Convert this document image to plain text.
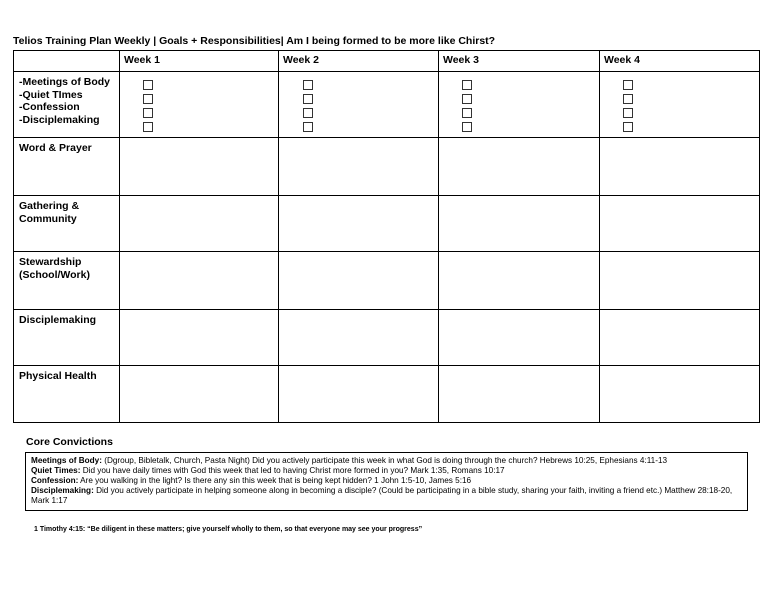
Telios Training Plan Weekly | Goals + Responsibilities| Am I being formed to be more like Chirst?
	Week 1	Week 2	Week 3	Week 4

-Meetings of Body
-Quiet TImes
-Confession
-Disciplemaking				

Word & Prayer				

Gathering &
Community				

Stewardship
(School/Work)				

Disciplemaking				

Physical Health				

Core Convictions
Meetings of Body: (Dgroup, Bibletalk, Church, Pasta Night) Did you actively participate this week in what God is doing through the church? Hebrews 10:25, Ephesians 4:11-13
Quiet Times: Did you have daily times with God this week that led to having Christ more formed in you? Mark 1:35, Romans 10:17
Confession: Are you walking in the light? Is there any sin this week that is being kept hidden? 1 John 1:5-10, James 5:16
Disciplemaking: Did you actively participate in helping someone along in becoming a disciple? (Could be participating in a bible study, sharing your faith, inviting a friend etc.) Matthew 28:18-20, Mark 1:17
1 Timothy 4:15: “Be diligent in these matters; give yourself wholly to them, so that everyone may see your progress”
